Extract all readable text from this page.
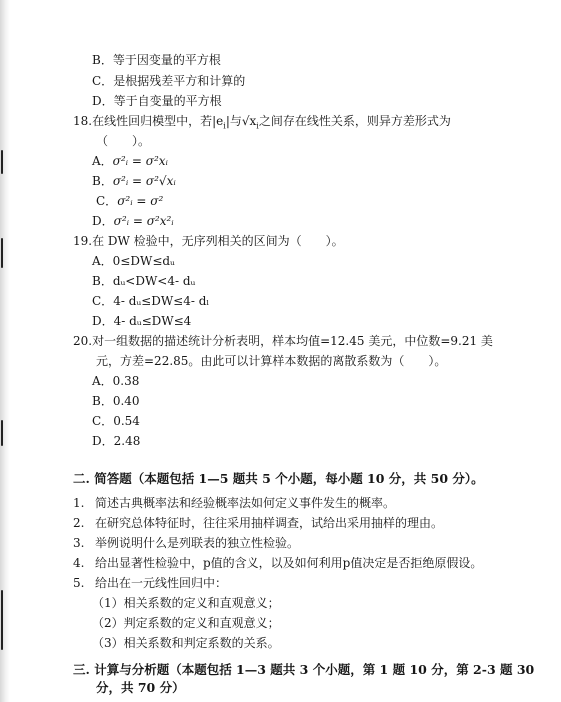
B．等于因变量的平方根
C．是根据残差平方和计算的
D．等于自变量的平方根
18.在线性回归模型中，若$|e_i|$与$√x_i$之间存在线性关系，则异方差形式为
（　　）。
A．σ²ᵢ = σ²xᵢ
B．σ²ᵢ = σ²√xᵢ
C．σ²ᵢ = σ²
D．σ²ᵢ = σ²x²ᵢ
19.在 DW 检验中，无序列相关的区间为（　　）。
A．0≤DW≤dᵤ
B．dᵤ<DW<4- dᵤ
C．4- dᵤ≤DW≤4- dₗ
D．4- dᵤ≤DW≤4
20.对一组数据的描述统计分析表明，样本均值=12.45 美元，中位数=9.21 美
元，方差=22.85。由此可以计算样本数据的离散系数为（　　）。
A．0.38
B．0.40
C．0.54
D．2.48
二. 简答题（本题包括 1—5 题共 5 个小题，每小题 10 分，共 50 分）。
1. 简述古典概率法和经验概率法如何定义事件发生的概率。
2. 在研究总体特征时，往往采用抽样调查，试给出采用抽样的理由。
3. 举例说明什么是列联表的独立性检验。
4. 给出显著性检验中，p值的含义，以及如何利用p值决定是否拒绝原假设。
5. 给出在一元线性回归中：
（1）相关系数的定义和直观意义；
（2）判定系数的定义和直观意义；
（3）相关系数和判定系数的关系。
三. 计算与分析题（本题包括 1—3 题共 3 个小题，第 1 题 10 分，第 2-3 题 30
分，共 70 分）
